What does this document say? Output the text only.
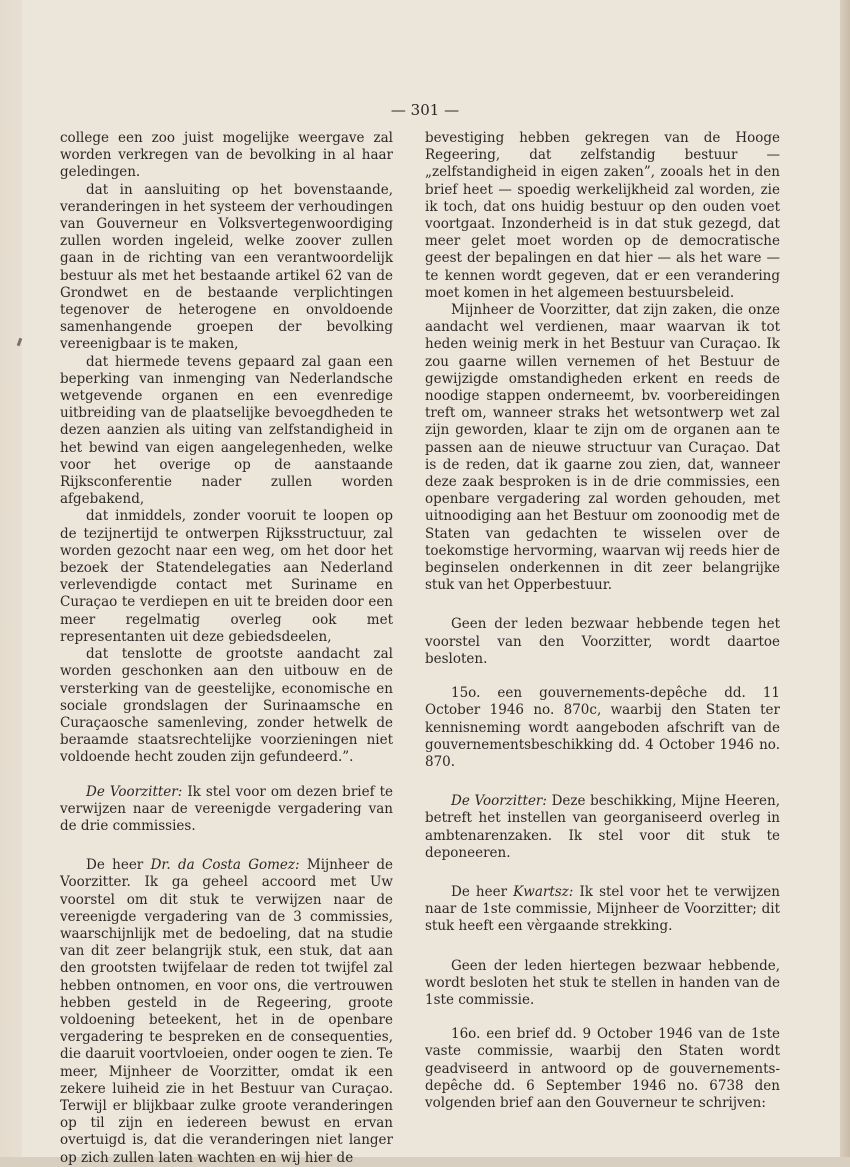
— 301 —

college een zoo juist mogelijke weergave zal worden verkregen van de bevolking in al haar geledingen.

dat in aansluiting op het bovenstaande, veranderingen in het systeem der verhoudingen van Gouverneur en Volksvertegenwoordiging zullen worden ingeleid, welke zoover zullen gaan in de richting van een verantwoordelijk bestuur als met het bestaande artikel 62 van de Grondwet en de bestaande verplichtingen tegenover de heterogene en onvoldoende samenhangende groepen der bevolking vereenigbaar is te maken,

dat hiermede tevens gepaard zal gaan een beperking van inmenging van Nederlandsche wetgevende organen en een evenredige uitbreiding van de plaatselijke bevoegdheden te dezen aanzien als uiting van zelfstandigheid in het bewind van eigen aangelegenheden, welke voor het overige op de aanstaande Rijksconferentie nader zullen worden afgebakend,

dat inmiddels, zonder vooruit te loopen op de tezijnertijd te ontwerpen Rijksstructuur, zal worden gezocht naar een weg, om het door het bezoek der Statendelegaties aan Nederland verlevendigde contact met Suriname en Curaçao te verdiepen en uit te breiden door een meer regelmatig overleg ook met representanten uit deze gebiedsdeelen,

dat tenslotte de grootste aandacht zal worden geschonken aan den uitbouw en de versterking van de geestelijke, economische en sociale grondslagen der Surinaamsche en Curaçaosche samenleving, zonder hetwelk de beraamde staatsrechtelijke voorzieningen niet voldoende hecht zouden zijn gefundeerd.”.

De Voorzitter: Ik stel voor om dezen brief te verwijzen naar de vereenigde vergadering van de drie commissies.

De heer Dr. da Costa Gomez: Mijnheer de Voorzitter. Ik ga geheel accoord met Uw voorstel om dit stuk te verwijzen naar de vereenigde vergadering van de 3 commissies, waarschijnlijk met de bedoeling, dat na studie van dit zeer belangrijk stuk, een stuk, dat aan den grootsten twijfelaar de reden tot twijfel zal hebben ontnomen, en voor ons, die vertrouwen hebben gesteld in de Regeering, groote voldoening beteekent, het in de openbare vergadering te bespreken en de consequenties, die daaruit voortvloeien, onder oogen te zien. Te meer, Mijnheer de Voorzitter, omdat ik een zekere luiheid zie in het Bestuur van Curaçao. Terwijl er blijkbaar zulke groote veranderingen op til zijn en iedereen bewust en ervan overtuigd is, dat die veranderingen niet langer op zich zullen laten wachten en wij hier de

bevestiging hebben gekregen van de Hooge Regeering, dat zelfstandig bestuur — „zelfstandigheid in eigen zaken”, zooals het in den brief heet — spoedig werkelijkheid zal worden, zie ik toch, dat ons huidig bestuur op den ouden voet voortgaat. Inzonderheid is in dat stuk gezegd, dat meer gelet moet worden op de democratische geest der bepalingen en dat hier — als het ware — te kennen wordt gegeven, dat er een verandering moet komen in het algemeen bestuursbeleid.

Mijnheer de Voorzitter, dat zijn zaken, die onze aandacht wel verdienen, maar waarvan ik tot heden weinig merk in het Bestuur van Curaçao. Ik zou gaarne willen vernemen of het Bestuur de gewijzigde omstandigheden erkent en reeds de noodige stappen onderneemt, bv. voorbereidingen treft om, wanneer straks het wetsontwerp wet zal zijn geworden, klaar te zijn om de organen aan te passen aan de nieuwe structuur van Curaçao. Dat is de reden, dat ik gaarne zou zien, dat, wanneer deze zaak besproken is in de drie commissies, een openbare vergadering zal worden gehouden, met uitnoodiging aan het Bestuur om zoonoodig met de Staten van gedachten te wisselen over de toekomstige hervorming, waarvan wij reeds hier de beginselen onderkennen in dit zeer belangrijke stuk van het Opperbestuur.

Geen der leden bezwaar hebbende tegen het voorstel van den Voorzitter, wordt daartoe besloten.

15o. een gouvernements-depêche dd. 11 October 1946 no. 870c, waarbij den Staten ter kennisneming wordt aangeboden afschrift van de gouvernementsbeschikking dd. 4 October 1946 no. 870.

De Voorzitter: Deze beschikking, Mijne Heeren, betreft het instellen van georganiseerd overleg in ambtenarenzaken. Ik stel voor dit stuk te deponeeren.

De heer Kwartsz: Ik stel voor het te verwijzen naar de 1ste commissie, Mijnheer de Voorzitter; dit stuk heeft een vèrgaande strekking.

Geen der leden hiertegen bezwaar hebbende, wordt besloten het stuk te stellen in handen van de 1ste commissie.

16o. een brief dd. 9 October 1946 van de 1ste vaste commissie, waarbij den Staten wordt geadviseerd in antwoord op de gouvernements-depêche dd. 6 September 1946 no. 6738 den volgenden brief aan den Gouverneur te schrijven:
